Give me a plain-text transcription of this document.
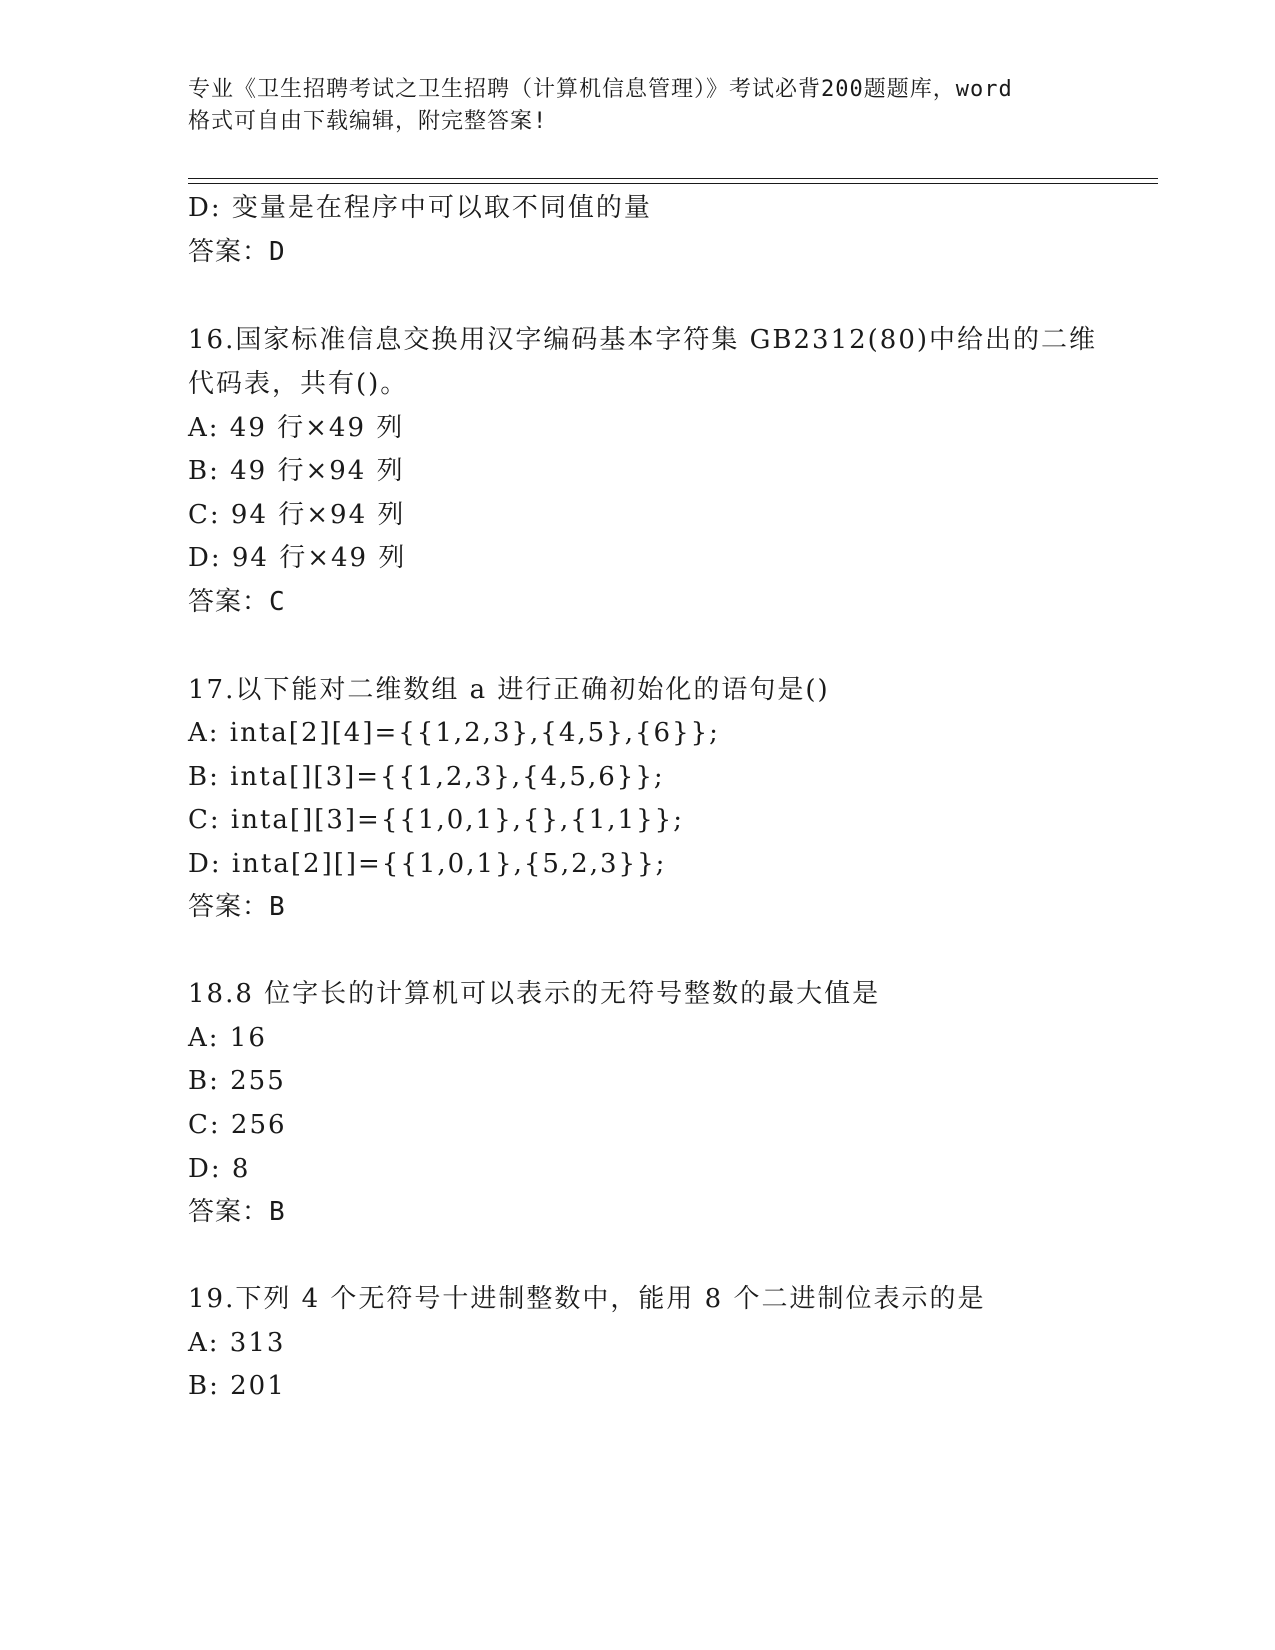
专业《卫生招聘考试之卫生招聘（计算机信息管理）》考试必背200题题库，word
格式可自由下载编辑，附完整答案!
D: 变量是在程序中可以取不同值的量
答案：D
16.国家标准信息交换用汉字编码基本字符集 GB2312(80)中给出的二维
代码表，共有()。
A: 49 行×49 列
B: 49 行×94 列
C: 94 行×94 列
D: 94 行×49 列
答案：C
17.以下能对二维数组 a 进行正确初始化的语句是()
A: inta[2][4]={{1,2,3},{4,5},{6}};
B: inta[][3]={{1,2,3},{4,5,6}};
C: inta[][3]={{1,0,1},{},{1,1}};
D: inta[2][]={{1,0,1},{5,2,3}};
答案：B
18.8 位字长的计算机可以表示的无符号整数的最大值是
A: 16
B: 255
C: 256
D: 8
答案：B
19.下列 4 个无符号十进制整数中，能用 8 个二进制位表示的是
A: 313
B: 201
